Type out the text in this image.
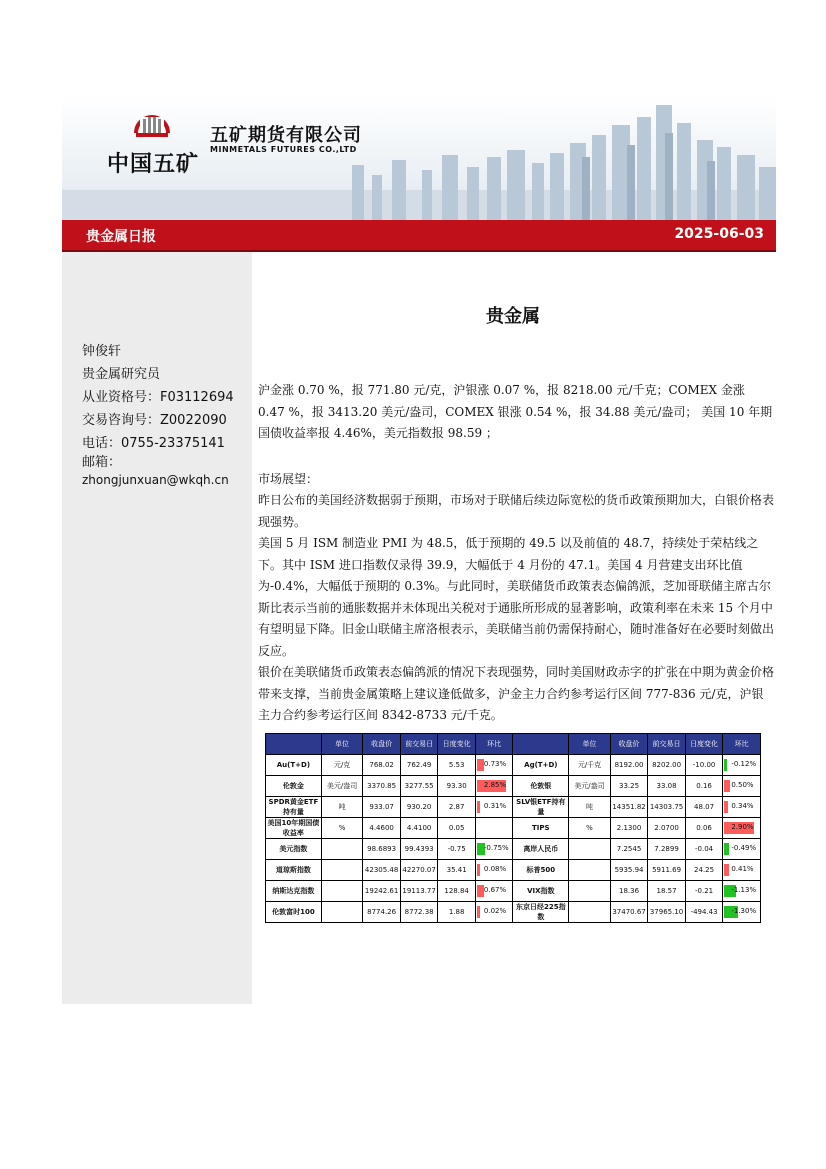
中国五矿
五矿期货有限公司
MINMETALS FUTURES CO.,LTD
贵金属日报	2025-06-03
钟俊轩
贵金属研究员
从业资格号：F03112694
交易咨询号：Z0022090
电话：0755-23375141
邮箱：
zhongjunxuan@wkqh.cn
贵金属
沪金涨 0.70 %，报 771.80 元/克，沪银涨 0.07 %，报 8218.00 元/千克；COMEX 金涨 0.47 %，报 3413.20 美元/盎司，COMEX 银涨 0.54 %，报 34.88 美元/盎司； 美国 10 年期国债收益率报 4.46%，美元指数报 98.59 ；
市场展望：
昨日公布的美国经济数据弱于预期，市场对于联储后续边际宽松的货币政策预期加大，白银价格表现强势。
美国 5 月 ISM 制造业 PMI 为 48.5，低于预期的 49.5 以及前值的 48.7，持续处于荣枯线之下。其中 ISM 进口指数仅录得 39.9，大幅低于 4 月份的 47.1。美国 4 月营建支出环比值为-0.4%，大幅低于预期的 0.3%。与此同时，美联储货币政策表态偏鸽派，芝加哥联储主席古尔斯比表示当前的通胀数据并未体现出关税对于通胀所形成的显著影响，政策利率在未来 15 个月中有望明显下降。旧金山联储主席洛根表示，美联储当前仍需保持耐心，随时准备好在必要时刻做出反应。
银价在美联储货币政策表态偏鸽派的情况下表现强势，同时美国财政赤字的扩张在中期为黄金价格带来支撑，当前贵金属策略上建议逢低做多，沪金主力合约参考运行区间 777-836 元/克，沪银主力合约参考运行区间 8342-8733 元/千克。
	单位	收盘价	前交易日	日度变化	环比		单位	收盘价	前交易日	日度变化	环比
Au(T+D)	元/克	768.02	762.49	5.53	0.73%	Ag(T+D)	元/千克	8192.00	8202.00	-10.00	-0.12%

伦敦金	美元/盎司	3370.85	3277.55	93.30	2.85%	伦敦银	美元/盎司	33.25	33.08	0.16	0.50%

SPDR黄金ETF持有量	吨	933.07	930.20	2.87	0.31%	SLV银ETF持有量	吨	14351.82	14303.75	48.07	0.34%

美国10年期国债收益率	%	4.4600	4.4100	0.05		TIPS	%	2.1300	2.0700	0.06	2.90%

美元指数		98.6893	99.4393	-0.75	-0.75%	离岸人民币		7.2545	7.2899	-0.04	-0.49%

道琼斯指数		42305.48	42270.07	35.41	0.08%	标普500		5935.94	5911.69	24.25	0.41%

纳斯达克指数		19242.61	19113.77	128.84	0.67%	VIX指数		18.36	18.57	-0.21	-1.13%

伦敦富时100		8774.26	8772.38	1.88	0.02%	东京日经225指数		37470.67	37965.10	-494.43	-1.30%
